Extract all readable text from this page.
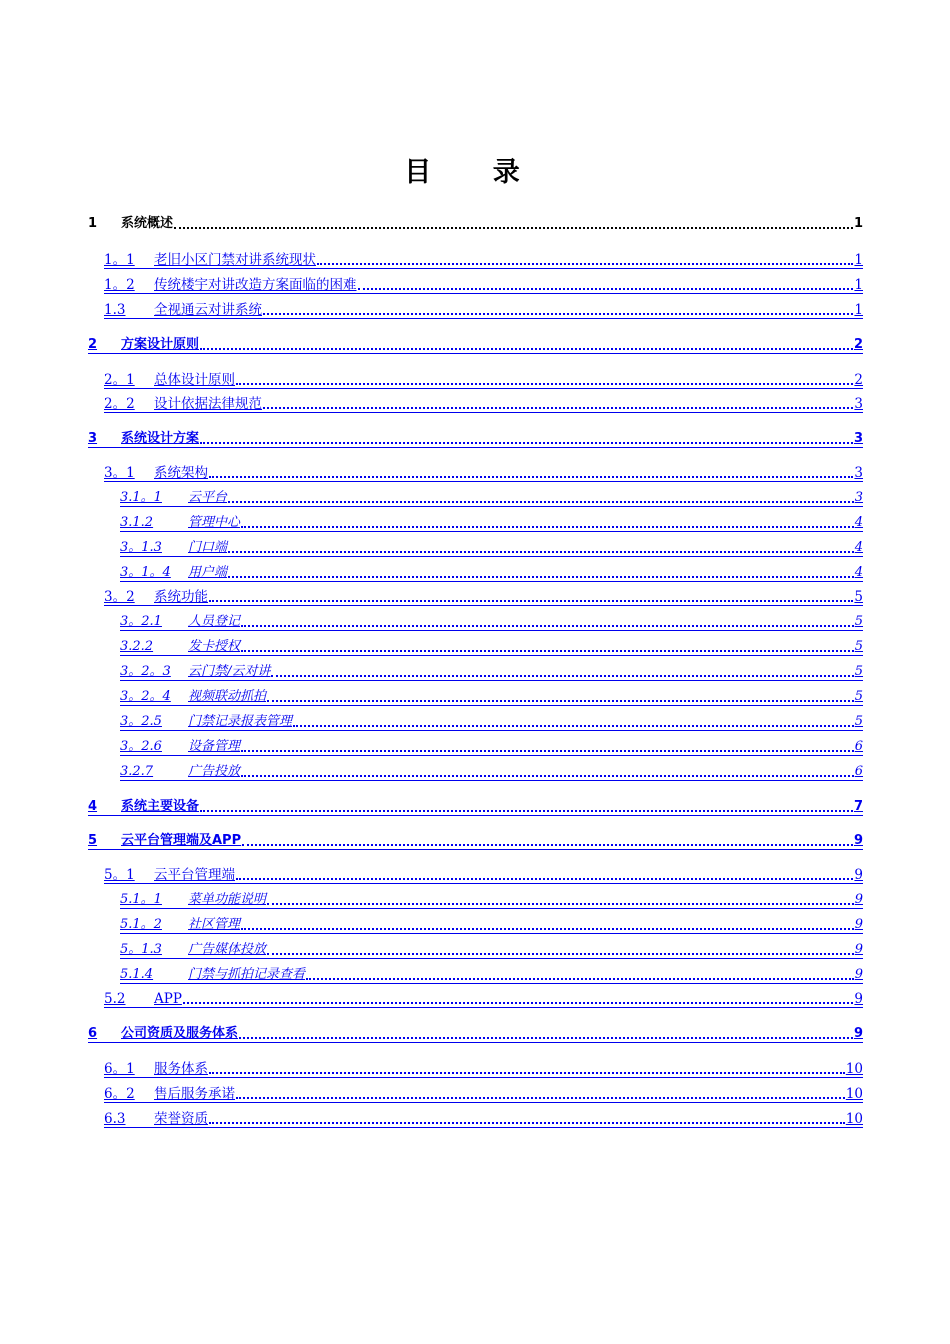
目 录
1	系统概述	1
1。1	老旧小区门禁对讲系统现状	1
1。2	传统楼宇对讲改造方案面临的困难	1
1.3	全视通云对讲系统	1
2	方案设计原则	2
2。1	总体设计原则	2
2。2	设计依据法律规范	3
3	系统设计方案	3
3。1	系统架构	3
3.1。1	云平台	3
3.1.2	管理中心	4
3。1.3	门口端	4
3。1。4	用户端	4
3。2	系统功能	5
3。2.1	人员登记	5
3.2.2	发卡授权	5
3。2。3	云门禁/云对讲	5
3。2。4	视频联动抓拍	5
3。2.5	门禁记录报表管理	5
3。2.6	设备管理	6
3.2.7	广告投放	6
4	系统主要设备	7
5	云平台管理端及APP	9
5。1	云平台管理端	9
5.1。1	菜单功能说明	9
5.1。2	社区管理	9
5。1.3	广告媒体投放	9
5.1.4	门禁与抓拍记录查看	9
5.2	APP	9
6	公司资质及服务体系	9
6。1	服务体系	10
6。2	售后服务承诺	10
6.3	荣誉资质	10
